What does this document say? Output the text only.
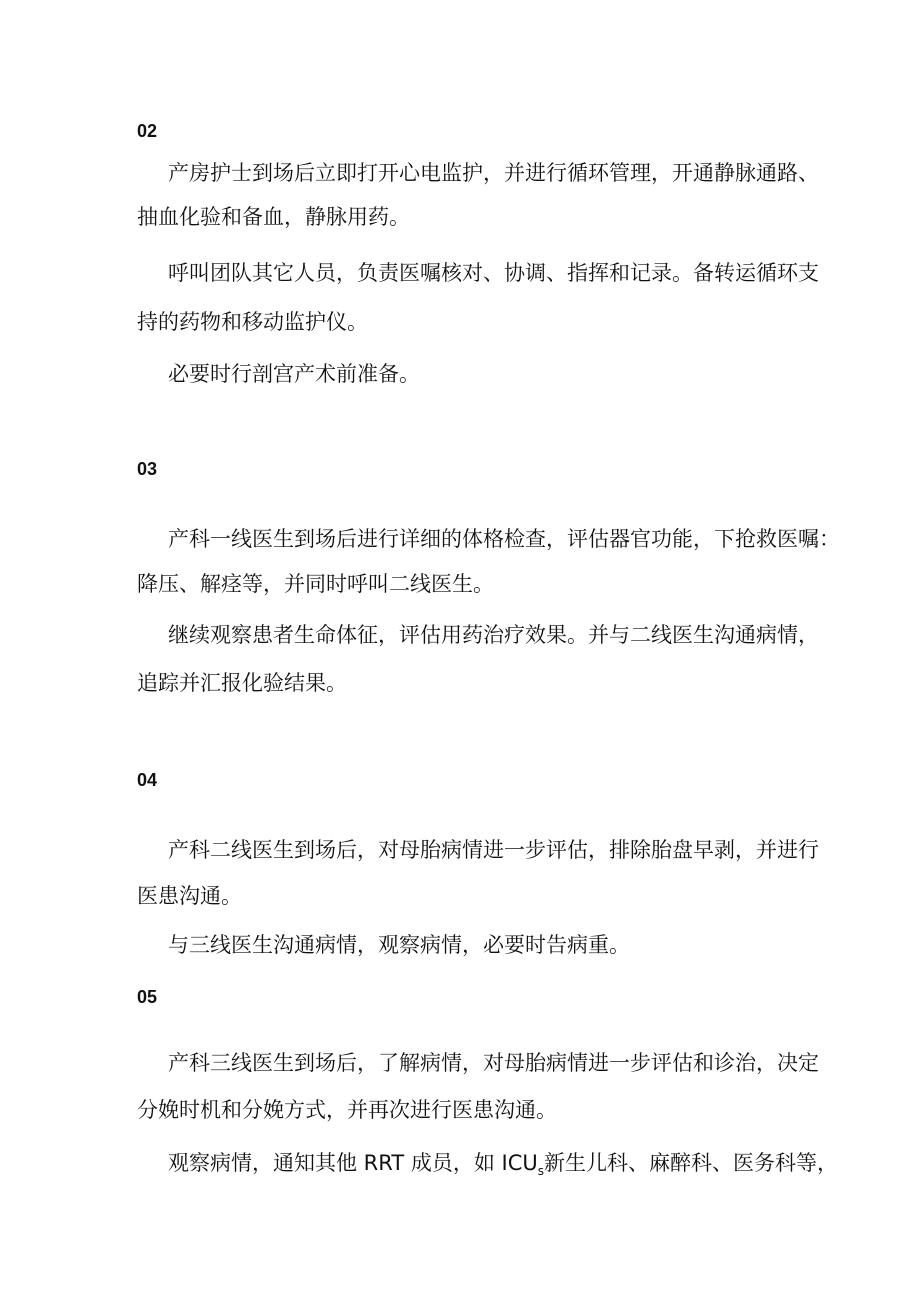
02
产房护士到场后立即打开心电监护，并进行循环管理，开通静脉通路、
抽血化验和备血，静脉用药。
呼叫团队其它人员，负责医嘱核对、协调、指挥和记录。备转运循环支
持的药物和移动监护仪。
必要时行剖宫产术前准备。
03
产科一线医生到场后进行详细的体格检查，评估器官功能，下抢救医嘱：
降压、解痉等，并同时呼叫二线医生。
继续观察患者生命体征，评估用药治疗效果。并与二线医生沟通病情，
追踪并汇报化验结果。
04
产科二线医生到场后，对母胎病情进一步评估，排除胎盘早剥，并进行
医患沟通。
与三线医生沟通病情，观察病情，必要时告病重。
05
产科三线医生到场后，了解病情，对母胎病情进一步评估和诊治，决定
分娩时机和分娩方式，并再次进行医患沟通。
观察病情，通知其他 RRT 成员，如 $ICU_s$新生儿科、麻醉科、医务科等，
